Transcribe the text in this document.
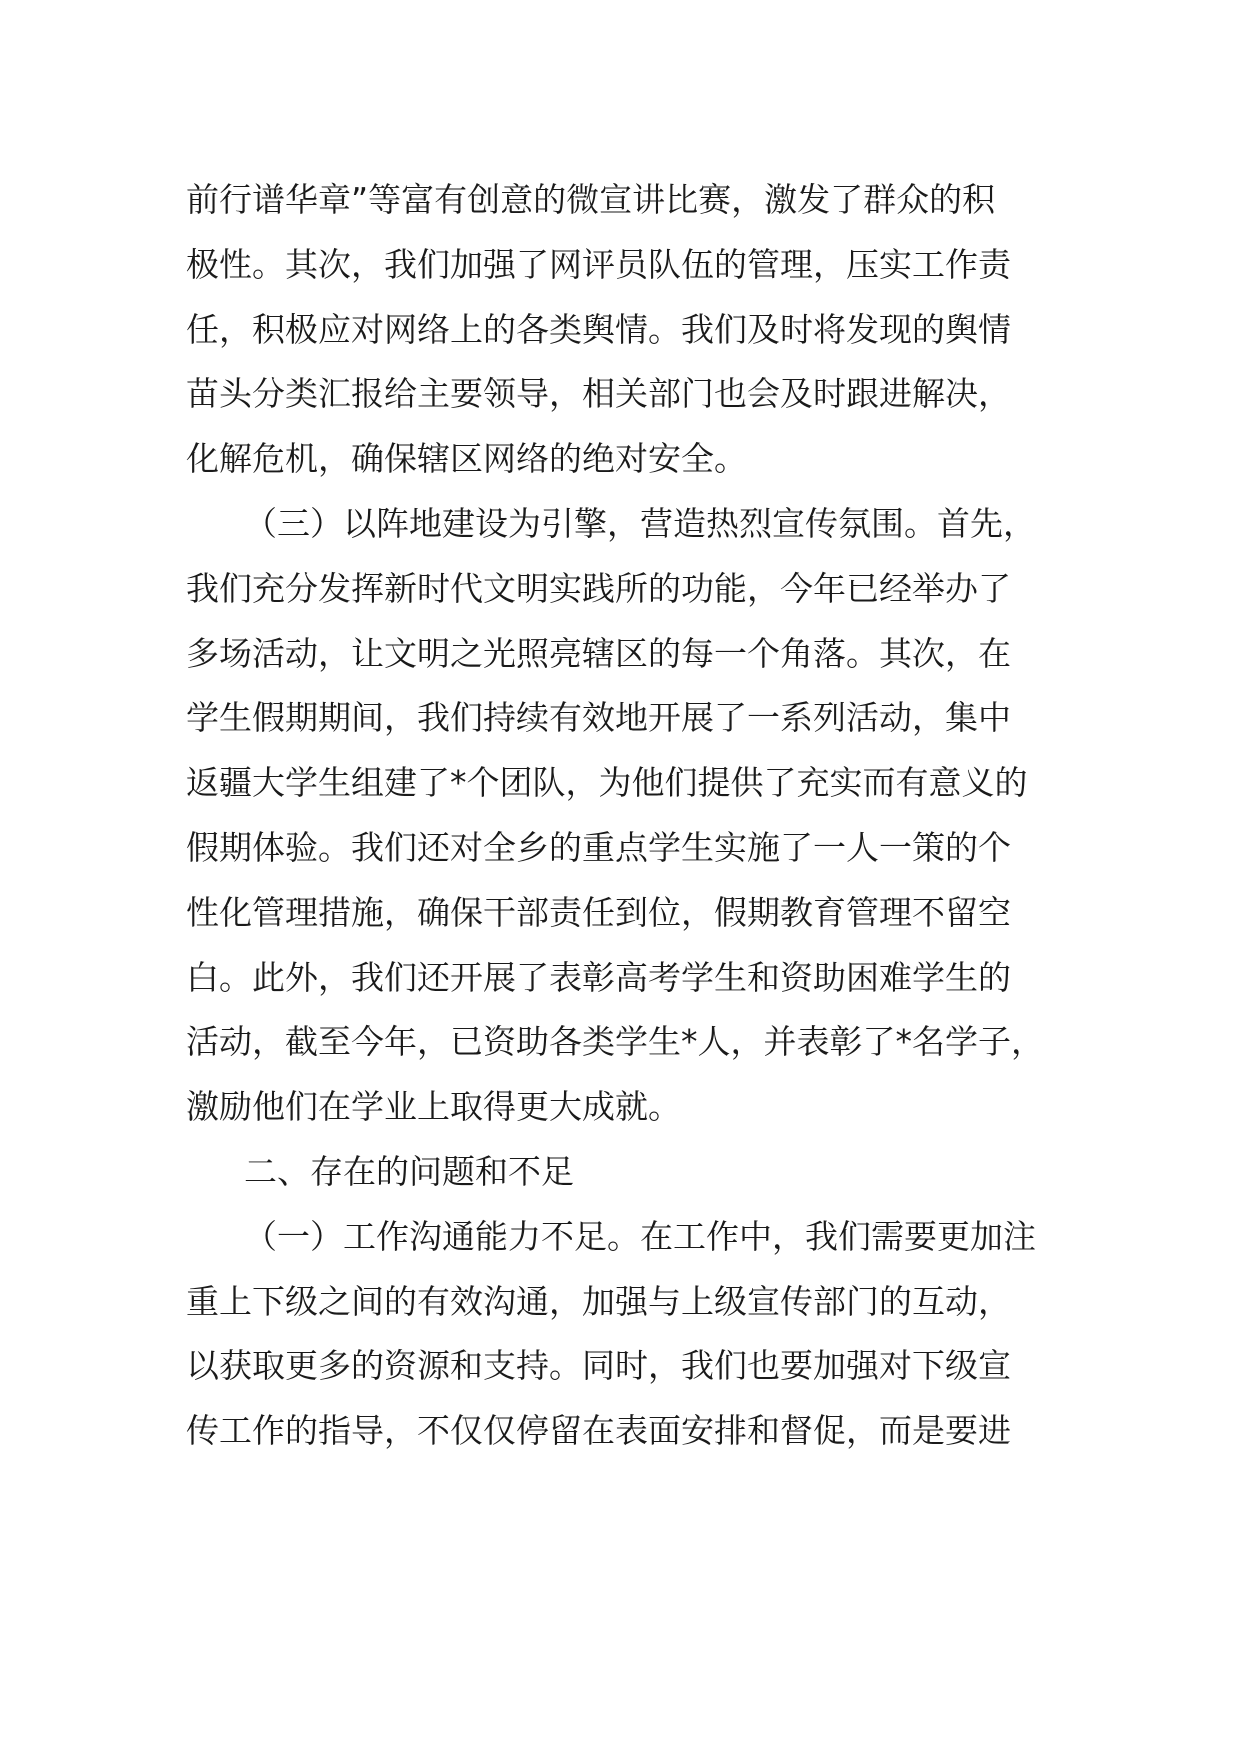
前行谱华章”等富有创意的微宣讲比赛，激发了群众的积
极性。其次，我们加强了网评员队伍的管理，压实工作责
任，积极应对网络上的各类舆情。我们及时将发现的舆情
苗头分类汇报给主要领导，相关部门也会及时跟进解决，
化解危机，确保辖区网络的绝对安全。
（三）以阵地建设为引擎，营造热烈宣传氛围。首先，
我们充分发挥新时代文明实践所的功能，今年已经举办了
多场活动，让文明之光照亮辖区的每一个角落。其次，在
学生假期期间，我们持续有效地开展了一系列活动，集中
返疆大学生组建了*个团队，为他们提供了充实而有意义的
假期体验。我们还对全乡的重点学生实施了一人一策的个
性化管理措施，确保干部责任到位，假期教育管理不留空
白。此外，我们还开展了表彰高考学生和资助困难学生的
活动，截至今年，已资助各类学生*人，并表彰了*名学子，
激励他们在学业上取得更大成就。
二、存在的问题和不足
（一）工作沟通能力不足。在工作中，我们需要更加注
重上下级之间的有效沟通，加强与上级宣传部门的互动，
以获取更多的资源和支持。同时，我们也要加强对下级宣
传工作的指导，不仅仅停留在表面安排和督促，而是要进
